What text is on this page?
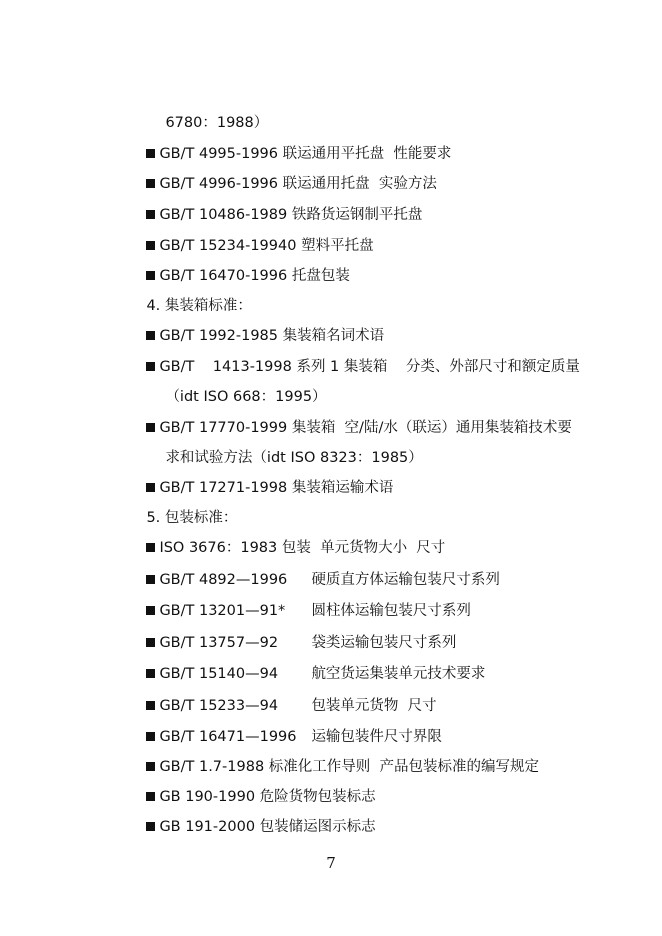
6780：1988）

GB/T 4995-1996 联运通用平托盘  性能要求

GB/T 4996-1996 联运通用托盘  实验方法

GB/T 10486-1989 铁路货运钢制平托盘

GB/T 15234-19940 塑料平托盘

GB/T 16470-1996 托盘包装

4. 集装箱标准：

GB/T 1992-1985 集装箱名词术语

GB/T    1413-1998 系列 1 集装箱    分类、外部尺寸和额定质量

（idt ISO 668：1995）

GB/T 17770-1999 集装箱  空/陆/水（联运）通用集装箱技术要

求和试验方法（idt ISO 8323：1985）

GB/T 17271-1998 集装箱运输术语

5. 包装标准：

ISO 3676：1983 包装  单元货物大小  尺寸

GB/T 4892—1996 硬质直方体运输包装尺寸系列

GB/T 13201—91* 圆柱体运输包装尺寸系列

GB/T 13757—92 袋类运输包装尺寸系列

GB/T 15140—94 航空货运集装单元技术要求

GB/T 15233—94 包装单元货物  尺寸

GB/T 16471—1996 运输包装件尺寸界限

GB/T 1.7-1988 标准化工作导则  产品包装标准的编写规定

GB 190-1990 危险货物包装标志

GB 191-2000 包装储运图示标志

7
